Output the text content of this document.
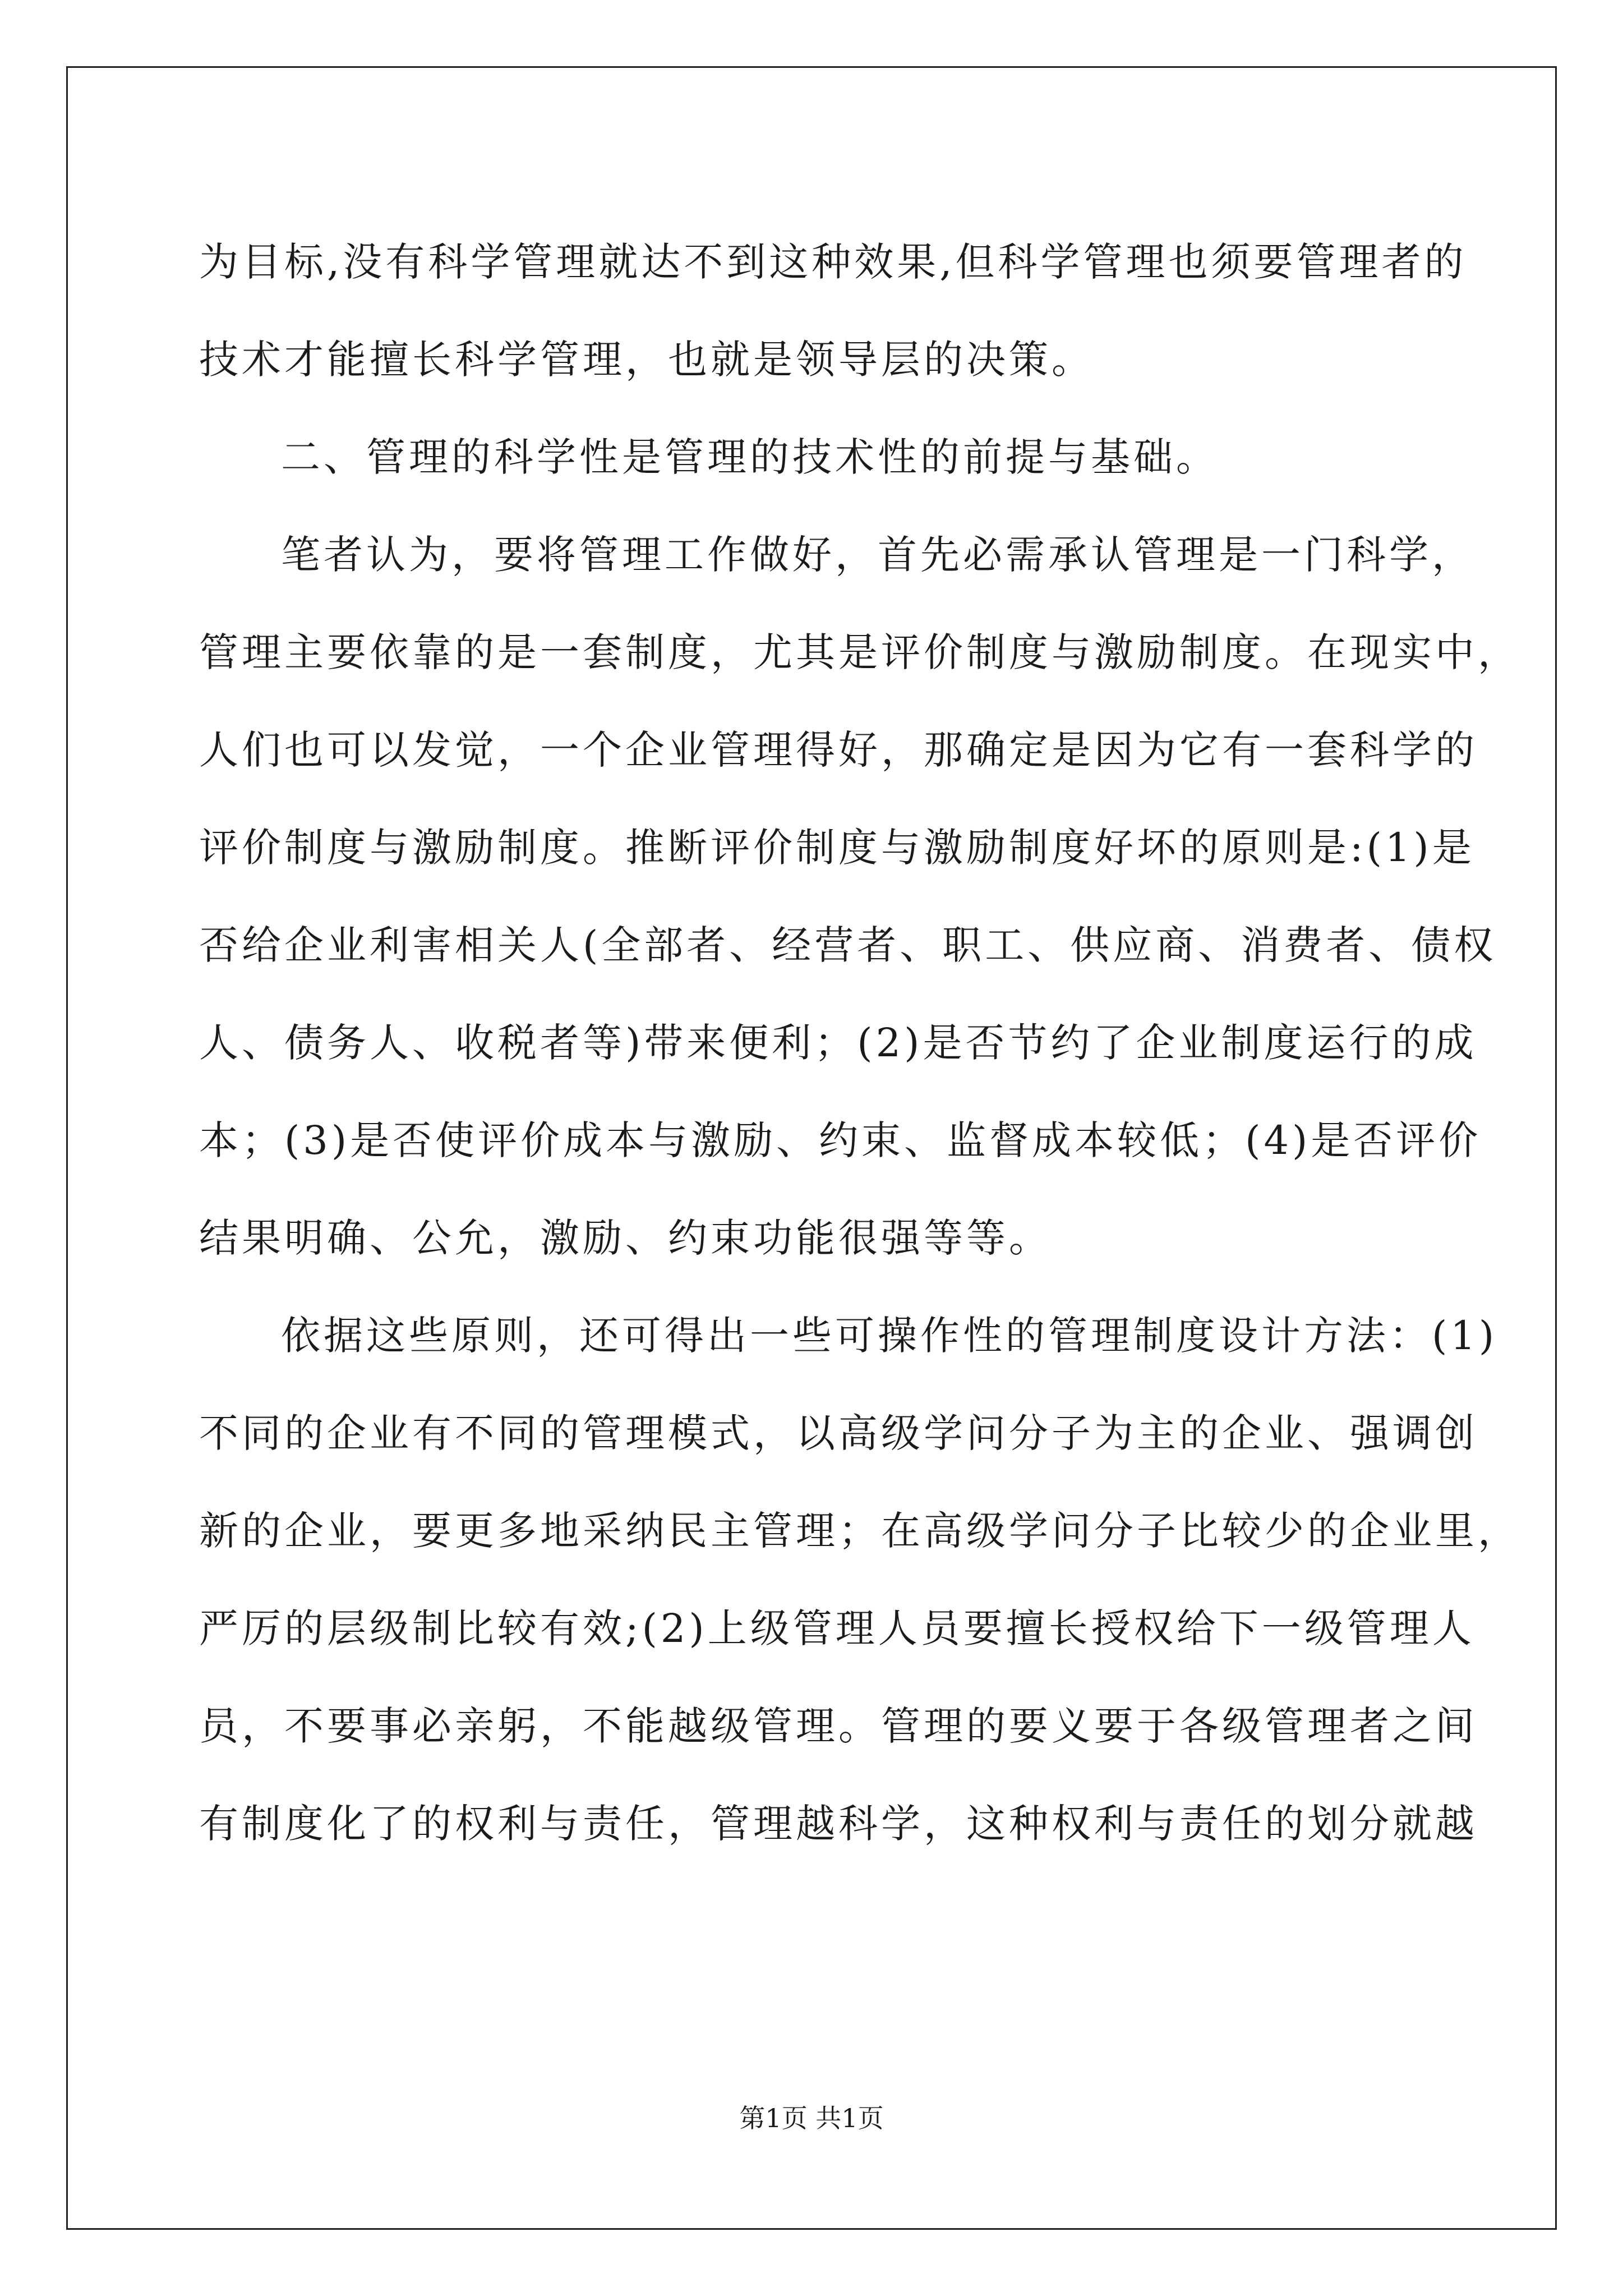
为目标,没有科学管理就达不到这种效果,但科学管理也须要管理者的
技术才能擅长科学管理，也就是领导层的决策。
二、管理的科学性是管理的技术性的前提与基础。
笔者认为，要将管理工作做好，首先必需承认管理是一门科学，
管理主要依靠的是一套制度，尤其是评价制度与激励制度。在现实中，
人们也可以发觉，一个企业管理得好，那确定是因为它有一套科学的
评价制度与激励制度。推断评价制度与激励制度好坏的原则是:(1)是
否给企业利害相关人(全部者、经营者、职工、供应商、消费者、债权
人、债务人、收税者等)带来便利；(2)是否节约了企业制度运行的成
本；(3)是否使评价成本与激励、约束、监督成本较低；(4)是否评价
结果明确、公允，激励、约束功能很强等等。
依据这些原则，还可得出一些可操作性的管理制度设计方法：(1)
不同的企业有不同的管理模式，以高级学问分子为主的企业、强调创
新的企业，要更多地采纳民主管理；在高级学问分子比较少的企业里，
严厉的层级制比较有效;(2)上级管理人员要擅长授权给下一级管理人
员，不要事必亲躬，不能越级管理。管理的要义要于各级管理者之间
有制度化了的权利与责任，管理越科学，这种权利与责任的划分就越
第1页 共1页
